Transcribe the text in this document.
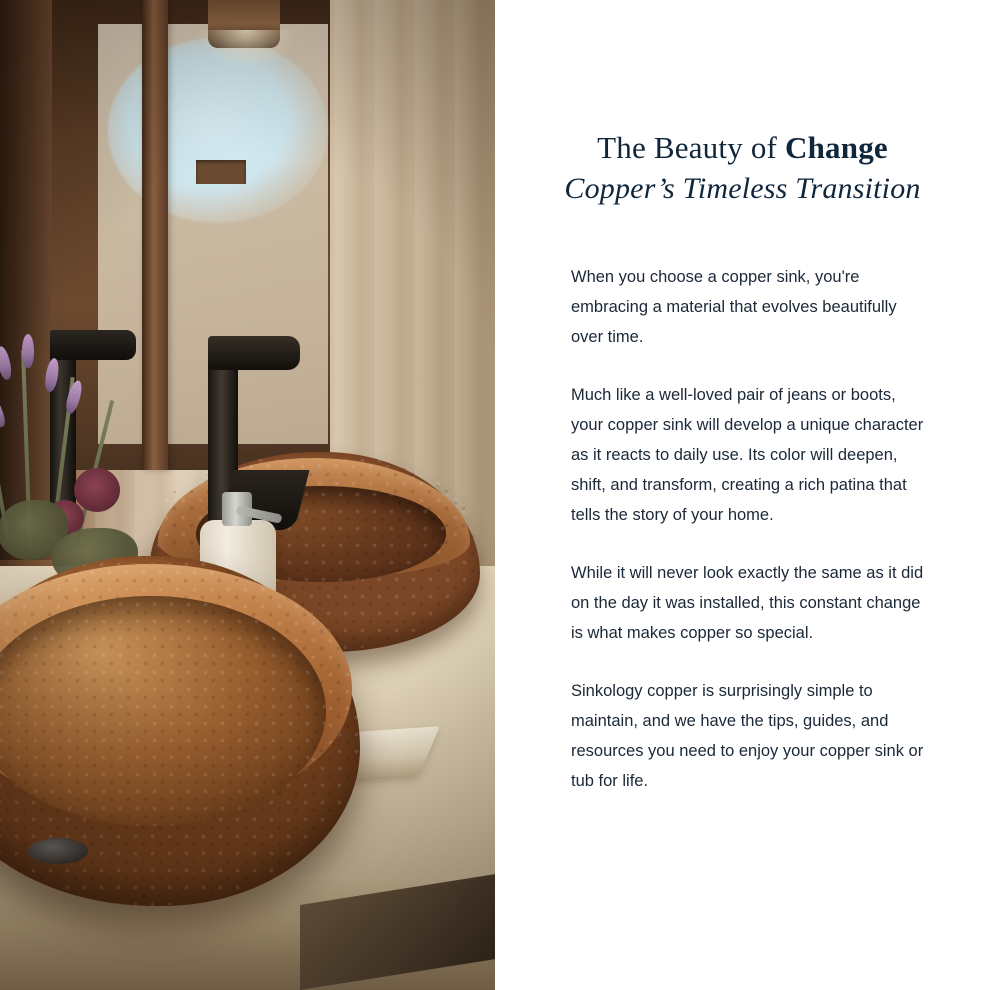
The Beauty of Change
Copper’s Timeless Transition

When you choose a copper sink, you're embracing a material that evolves beautifully over time.

Much like a well-loved pair of jeans or boots, your copper sink will develop a unique character as it reacts to daily use. Its color will deepen, shift, and transform, creating a rich patina that tells the story of your home.

While it will never look exactly the same as it did on the day it was installed, this constant change is what makes copper so special.

Sinkology copper is surprisingly simple to maintain, and we have the tips, guides, and resources you need to enjoy your copper sink or tub for life.
